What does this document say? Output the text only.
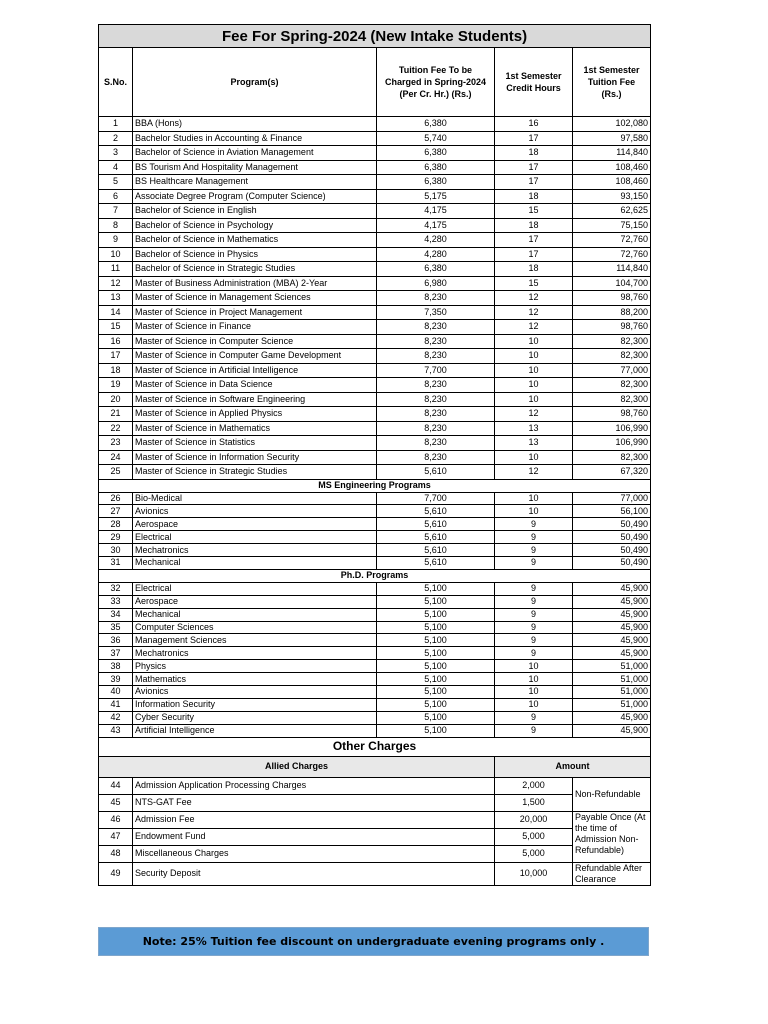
Fee For Spring-2024 (New Intake Students)				
S.No.	Program(s)	Tuition Fee To be Charged in Spring-2024 (Per Cr. Hr.) (Rs.)	1st Semester Credit Hours	1st Semester Tuition Fee (Rs.)
1	BBA (Hons)	6,380	16	102,080
2	Bachelor Studies in Accounting & Finance	5,740	17	97,580
3	Bachelor of Science in Aviation Management	6,380	18	114,840
4	BS Tourism And Hospitality Management	6,380	17	108,460
5	BS Healthcare Management	6,380	17	108,460
6	Associate Degree Program (Computer Science)	5,175	18	93,150
7	Bachelor of Science in English	4,175	15	62,625
8	Bachelor of Science in Psychology	4,175	18	75,150
9	Bachelor of Science in Mathematics	4,280	17	72,760
10	Bachelor of Science in Physics	4,280	17	72,760
11	Bachelor of Science in Strategic Studies	6,380	18	114,840
12	Master of Business Administration (MBA) 2-Year	6,980	15	104,700
13	Master of Science in Management Sciences	8,230	12	98,760
14	Master of Science in Project Management	7,350	12	88,200
15	Master of Science in Finance	8,230	12	98,760
16	Master of Science in Computer Science	8,230	10	82,300
17	Master of Science in Computer Game Development	8,230	10	82,300
18	Master of Science in Artificial Intelligence	7,700	10	77,000
19	Master of Science in Data Science	8,230	10	82,300
20	Master of Science in Software Engineering	8,230	10	82,300
21	Master of Science in Applied Physics	8,230	12	98,760
22	Master of Science in Mathematics	8,230	13	106,990
23	Master of Science in Statistics	8,230	13	106,990
24	Master of Science in Information Security	8,230	10	82,300
25	Master of Science in Strategic Studies	5,610	12	67,320
MS Engineering Programs				
26	Bio-Medical	7,700	10	77,000
27	Avionics	5,610	10	56,100
28	Aerospace	5,610	9	50,490
29	Electrical	5,610	9	50,490
30	Mechatronics	5,610	9	50,490
31	Mechanical	5,610	9	50,490
Ph.D. Programs				
32	Electrical	5,100	9	45,900
33	Aerospace	5,100	9	45,900
34	Mechanical	5,100	9	45,900
35	Computer Sciences	5,100	9	45,900
36	Management Sciences	5,100	9	45,900
37	Mechatronics	5,100	9	45,900
38	Physics	5,100	10	51,000
39	Mathematics	5,100	10	51,000
40	Avionics	5,100	10	51,000
41	Information Security	5,100	10	51,000
42	Cyber Security	5,100	9	45,900
43	Artificial Intelligence	5,100	9	45,900
Other Charges				
Allied Charges			Amount	
44	Admission Application Processing Charges		2,000	Non-Refundable
45	NTS-GAT Fee		1,500	
46	Admission Fee		20,000	Payable Once (At the time of Admission Non-Refundable)
47	Endowment Fund		5,000	
48	Miscellaneous Charges		5,000	
49	Security Deposit		10,000	Refundable After Clearance
Note: 25% Tuition fee discount on undergraduate evening programs only .
